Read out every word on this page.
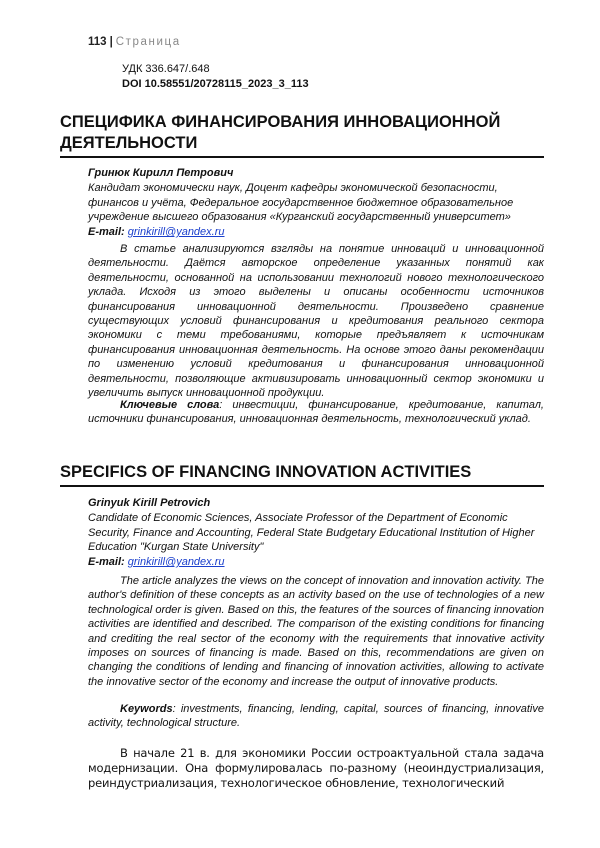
113 | Страница
УДК 336.647/.648
DOI 10.58551/20728115_2023_3_113
СПЕЦИФИКА ФИНАНСИРОВАНИЯ ИННОВАЦИОННОЙ ДЕЯТЕЛЬНОСТИ
Гринюк Кирилл Петрович
Кандидат экономически наук, Доцент кафедры экономической безопасности, финансов и учёта, Федеральное государственное бюджетное образовательное учреждение высшего образования «Курганский государственный университет»
E-mail: grinkirill@yandex.ru

В статье анализируются взгляды на понятие инноваций и инновационной деятельности. Даётся авторское определение указанных понятий как деятельности, основанной на использовании технологий нового технологического уклада. Исходя из этого выделены и описаны особенности источников финансирования инновационной деятельности. Произведено сравнение существующих условий финансирования и кредитования реального сектора экономики с теми требованиями, которые предъявляет к источникам финансирования инновационная деятельность. На основе этого даны рекомендации по изменению условий кредитования и финансирования инновационной деятельности, позволяющие активизировать инновационный сектор экономики и увеличить выпуск инновационной продукции.

Ключевые слова: инвестиции, финансирование, кредитование, капитал, источники финансирования, инновационная деятельность, технологический уклад.

SPECIFICS OF FINANCING INNOVATION ACTIVITIES
Grinyuk Kirill Petrovich
Candidate of Economic Sciences, Associate Professor of the Department of Economic Security, Finance and Accounting, Federal State Budgetary Educational Institution of Higher Education "Kurgan State University"
E-mail: grinkirill@yandex.ru

The article analyzes the views on the concept of innovation and innovation activity. The author's definition of these concepts as an activity based on the use of technologies of a new technological order is given. Based on this, the features of the sources of financing innovation activities are identified and described. The comparison of the existing conditions for financing and crediting the real sector of the economy with the requirements that innovative activity imposes on sources of financing is made. Based on this, recommendations are given on changing the conditions of lending and financing of innovation activities, allowing to activate the innovative sector of the economy and increase the output of innovative products.

Keywords: investments, financing, lending, capital, sources of financing, innovative activity, technological structure.

В начале 21 в. для экономики России остроактуальной стала задача модернизации. Она формулировалась по-разному (неоиндустриализация, реиндустриализация, технологическое обновление, технологический
